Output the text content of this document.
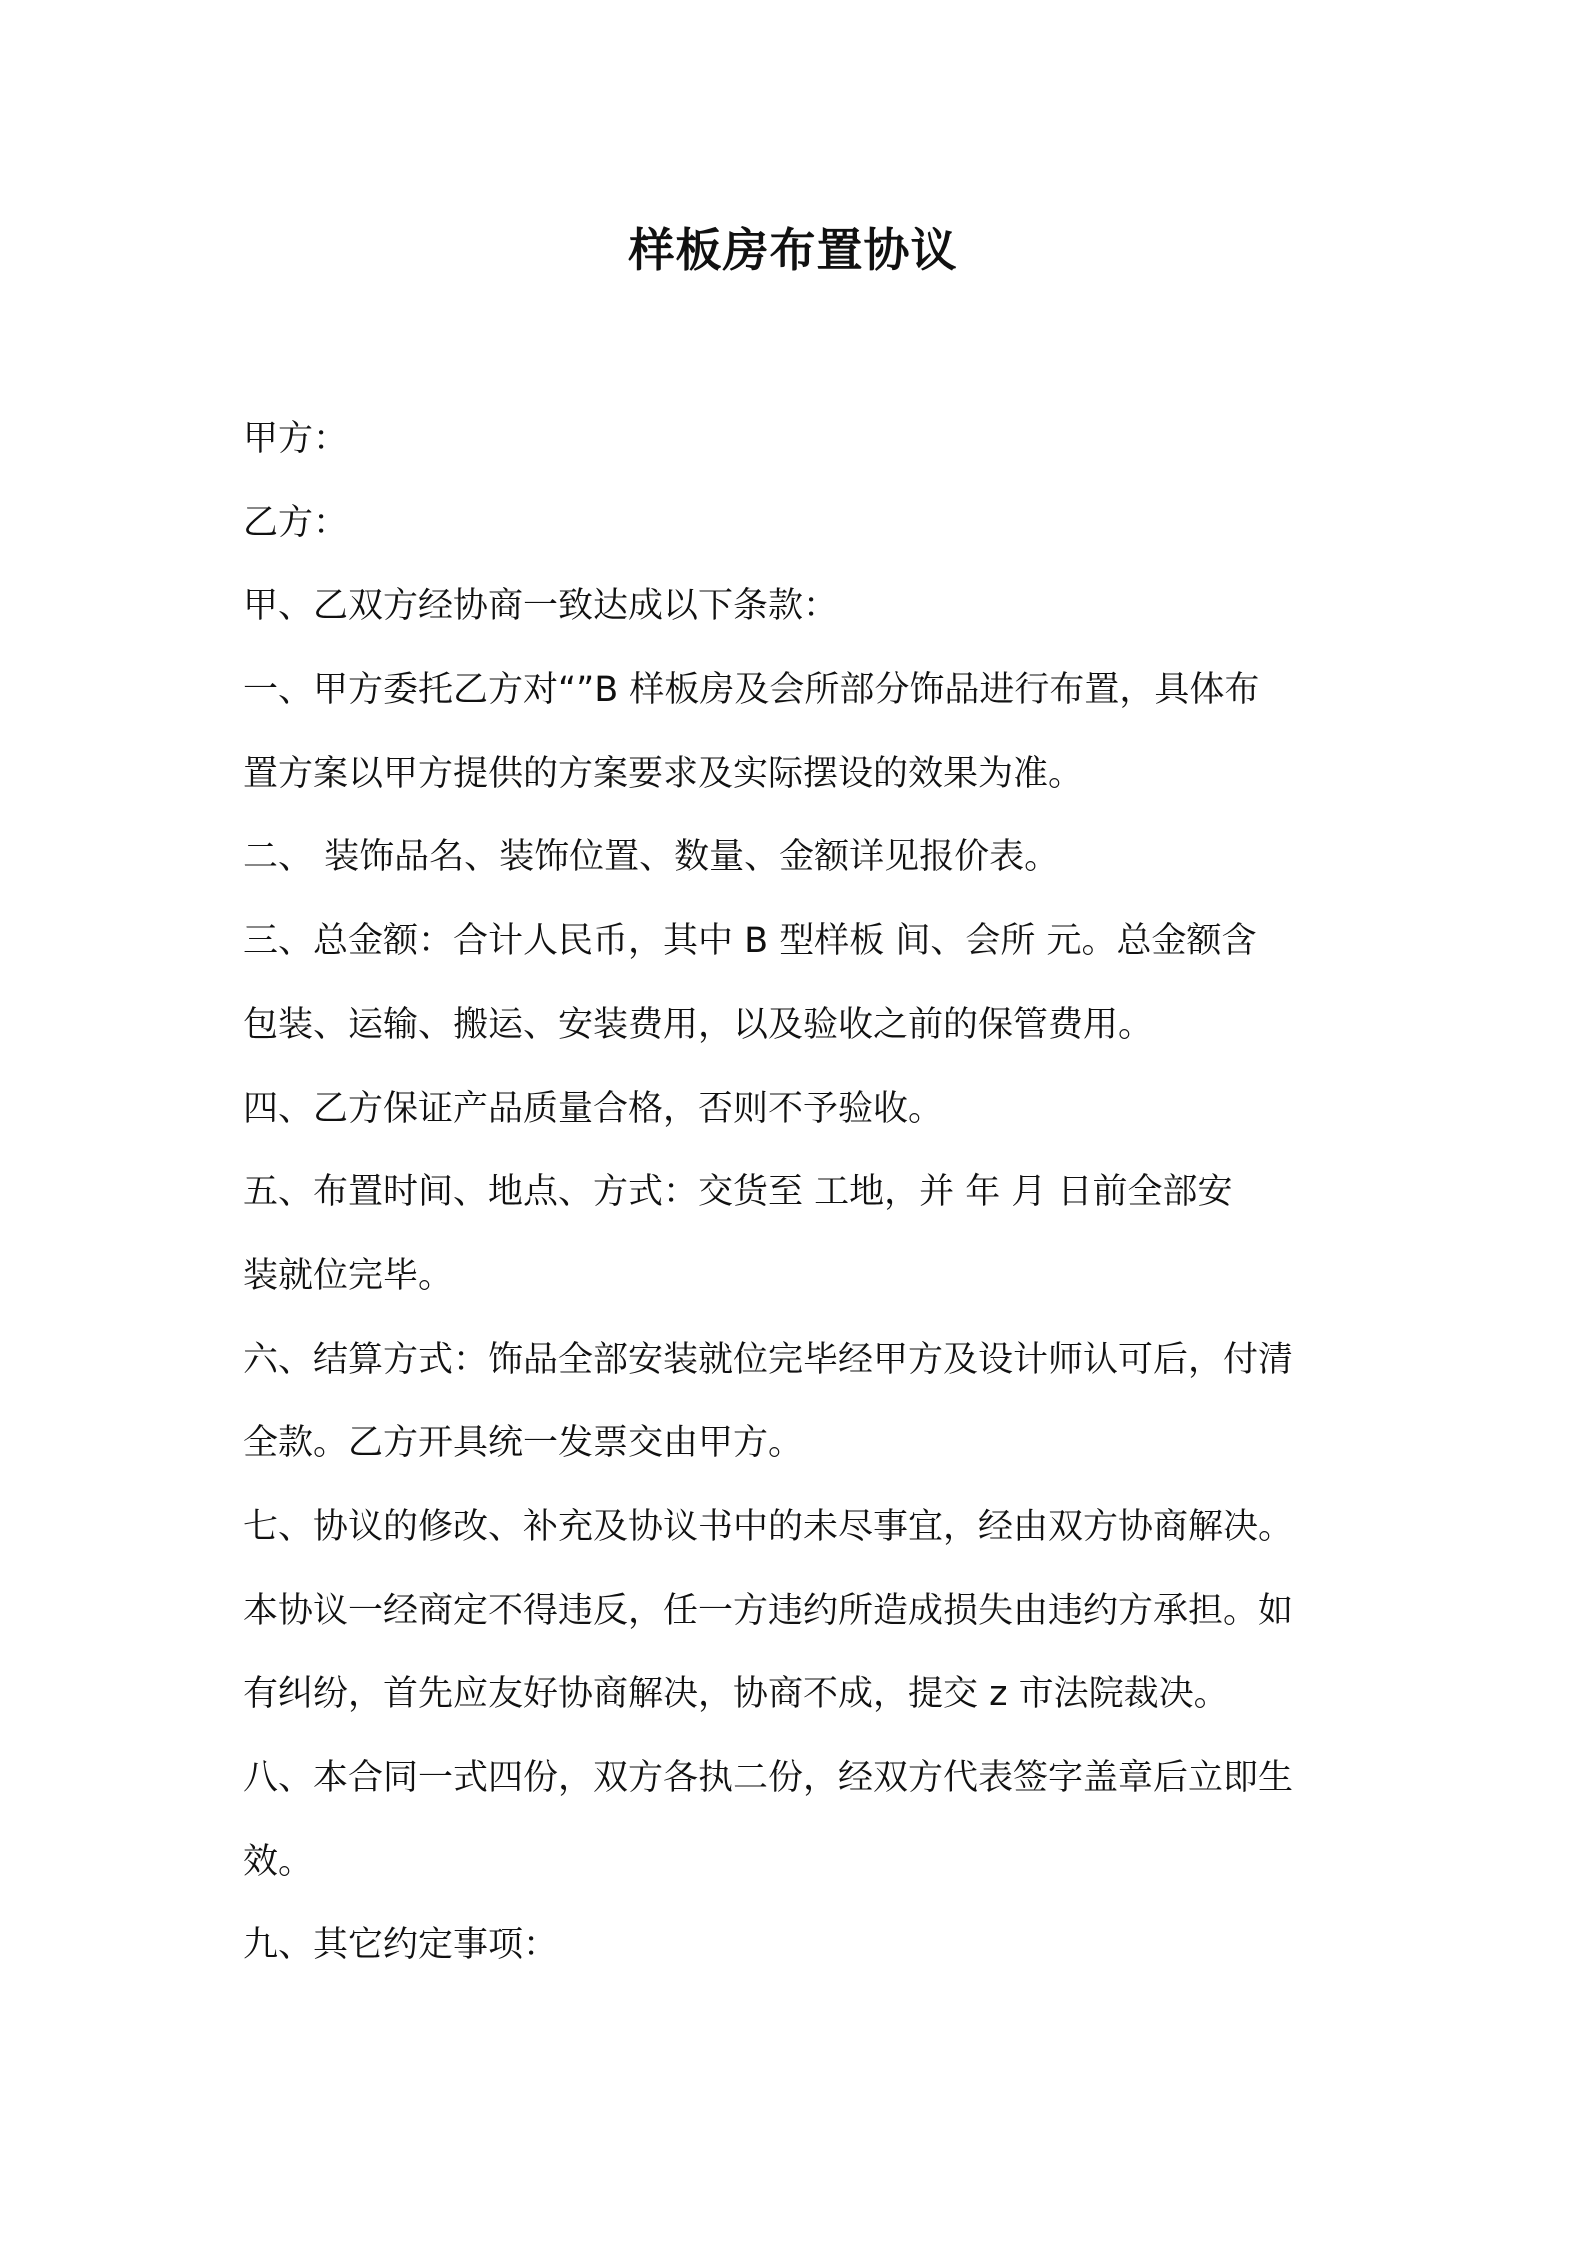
样板房布置协议
甲方：
乙方：
甲、乙双方经协商一致达成以下条款：
一、甲方委托乙方对“”B 样板房及会所部分饰品进行布置，具体布
置方案以甲方提供的方案要求及实际摆设的效果为准。
二、 装饰品名、装饰位置、数量、金额详见报价表。
三、总金额：合计人民币，其中 B 型样板 间、会所 元。总金额含
包装、运输、搬运、安装费用，以及验收之前的保管费用。
四、乙方保证产品质量合格，否则不予验收。
五、布置时间、地点、方式：交货至 工地，并 年 月 日前全部安
装就位完毕。
六、结算方式：饰品全部安装就位完毕经甲方及设计师认可后，付清
全款。乙方开具统一发票交由甲方。
七、协议的修改、补充及协议书中的未尽事宜，经由双方协商解决。
本协议一经商定不得违反，任一方违约所造成损失由违约方承担。如
有纠纷，首先应友好协商解决，协商不成，提交 z 市法院裁决。
八、本合同一式四份，双方各执二份，经双方代表签字盖章后立即生
效。
九、其它约定事项：
